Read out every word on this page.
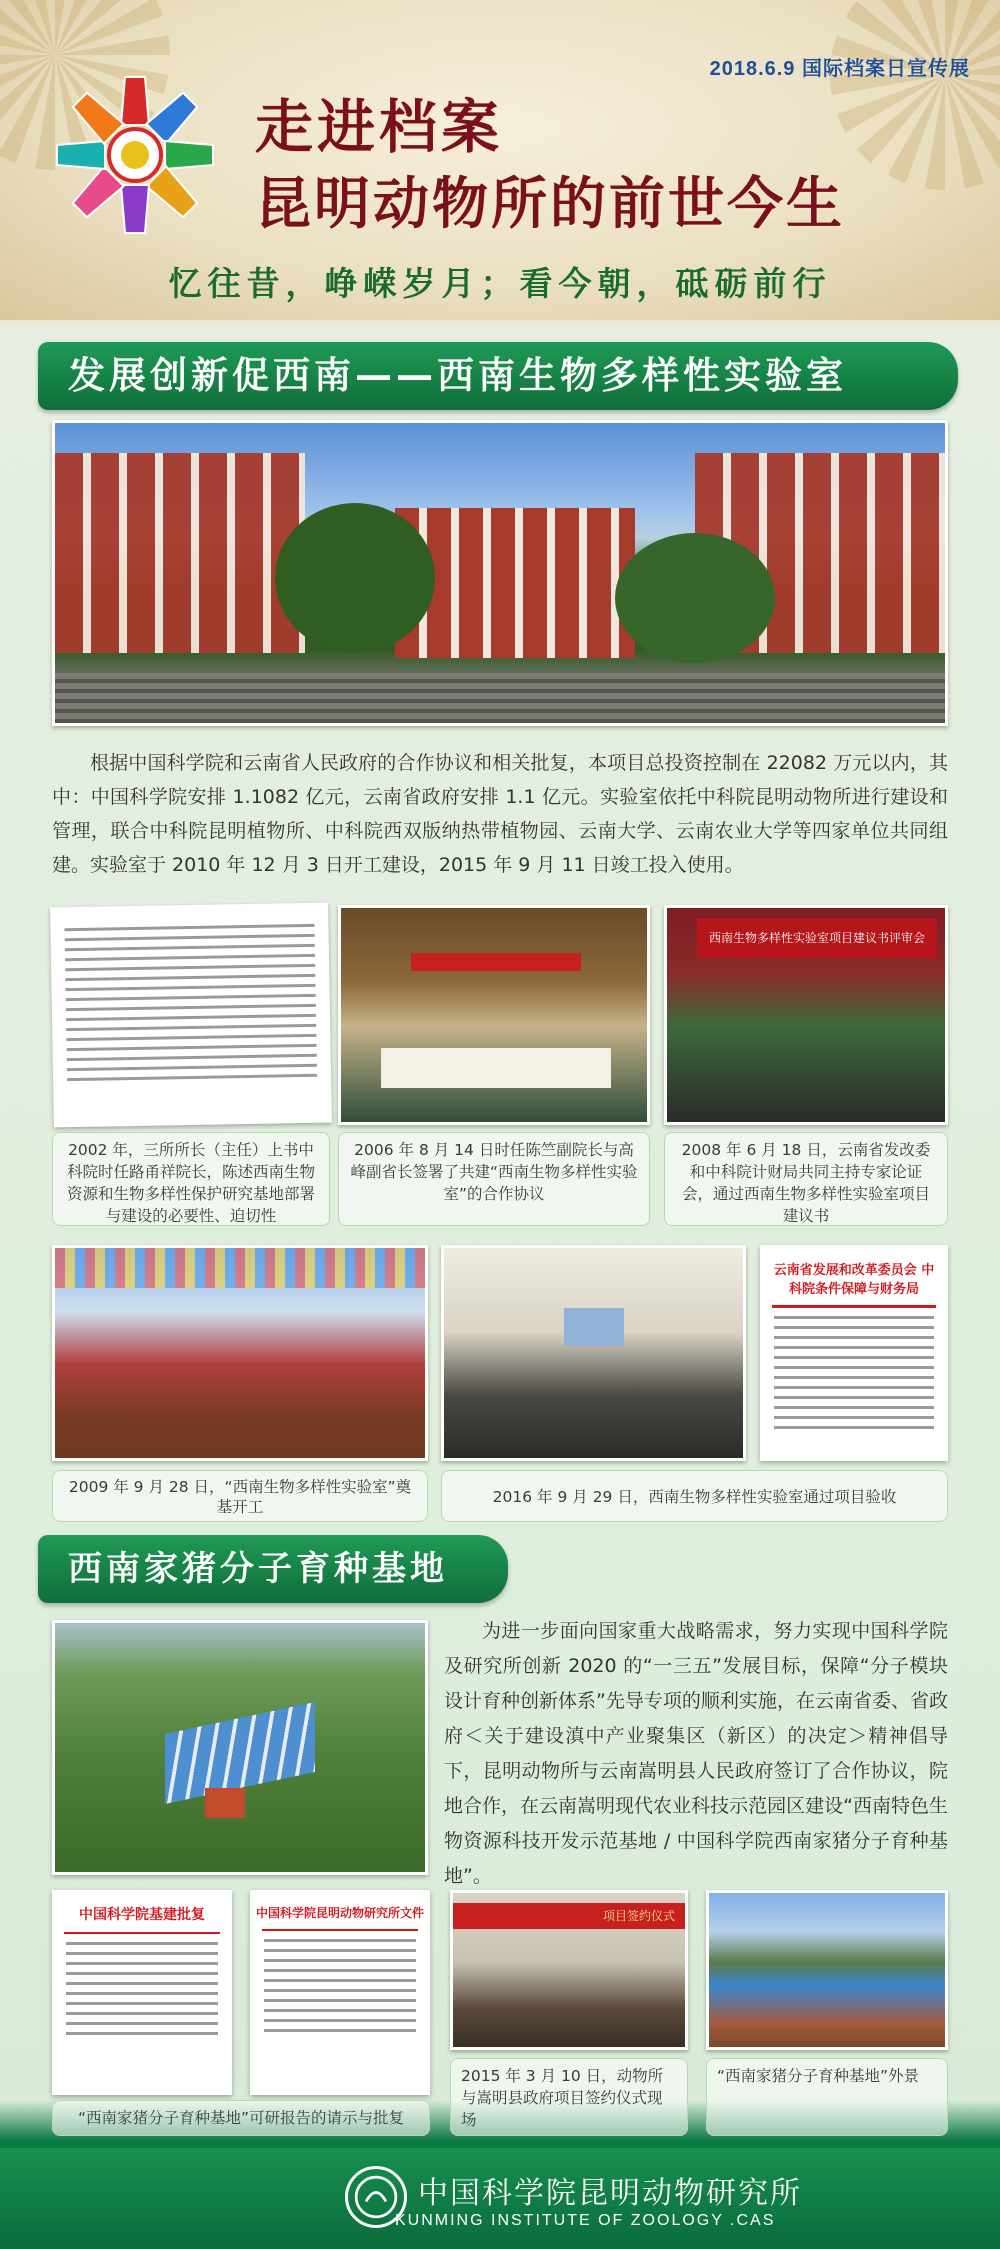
2018.6.9 国际档案日宣传展
走进档案
昆明动物所的前世今生
忆往昔，峥嵘岁月；看今朝，砥砺前行
发展创新促西南——西南生物多样性实验室
根据中国科学院和云南省人民政府的合作协议和相关批复，本项目总投资控制在 22082 万元以内，其中：中国科学院安排 1.1082 亿元，云南省政府安排 1.1 亿元。实验室依托中科院昆明动物所进行建设和管理，联合中科院昆明植物所、中科院西双版纳热带植物园、云南大学、云南农业大学等四家单位共同组建。实验室于 2010 年 12 月 3 日开工建设，2015 年 9 月 11 日竣工投入使用。
西南生物多样性实验室项目建议书评审会
2002 年，三所所长（主任）上书中科院时任路甬祥院长，陈述西南生物资源和生物多样性保护研究基地部署与建设的必要性、迫切性
2006 年 8 月 14 日时任陈竺副院长与高峰副省长签署了共建“西南生物多样性实验室”的合作协议
2008 年 6 月 18 日，云南省发改委和中科院计财局共同主持专家论证会，通过西南生物多样性实验室项目建议书
云南省发展和改革委员会 中科院条件保障与财务局
2009 年 9 月 28 日，“西南生物多样性实验室”奠基开工
2016 年 9 月 29 日，西南生物多样性实验室通过项目验收
西南家猪分子育种基地
为进一步面向国家重大战略需求，努力实现中国科学院及研究所创新 2020 的“一三五”发展目标，保障“分子模块设计育种创新体系”先导专项的顺利实施，在云南省委、省政府＜关于建设滇中产业聚集区（新区）的决定＞精神倡导下，昆明动物所与云南嵩明县人民政府签订了合作协议，院地合作，在云南嵩明现代农业科技示范园区建设“西南特色生物资源科技开发示范基地 / 中国科学院西南家猪分子育种基地”。
中国科学院基建批复	中国科学院昆明动物研究所文件	项目签约仪式
“西南家猪分子育种基地”可研报告的请示与批复
2015 年 3 月 10 日，动物所与嵩明县政府项目签约仪式现场
“西南家猪分子育种基地”外景
中国科学院昆明动物研究所
KUNMING INSTITUTE OF ZOOLOGY .CAS
